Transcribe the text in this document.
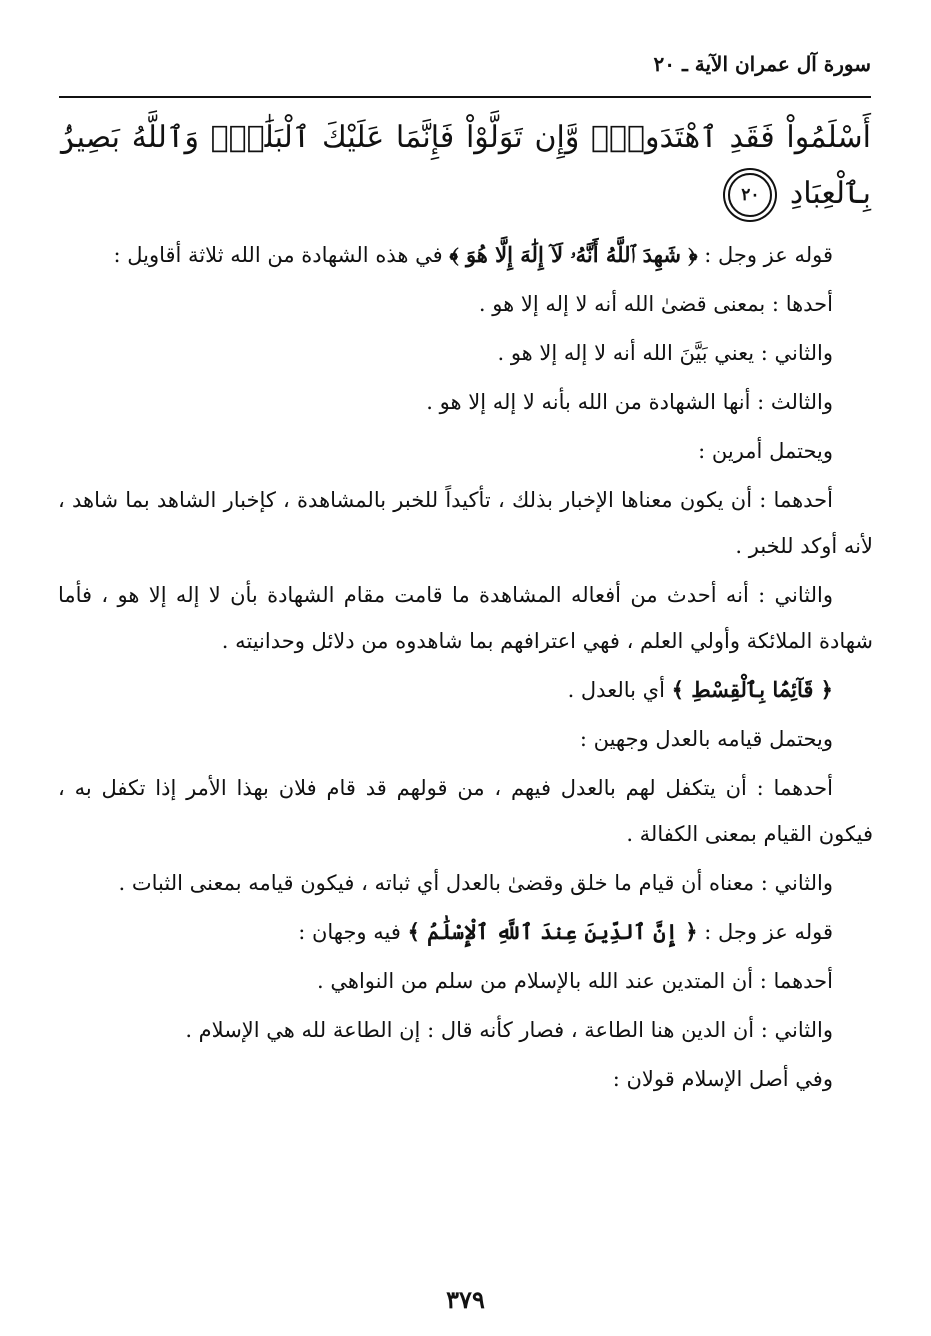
سورة آل عمران الآية ـ ٢٠
أَسْلَمُواْ فَقَدِ ٱهْتَدَواْۖ وَّإِن تَوَلَّوْاْ فَإِنَّمَا عَلَيْكَ ٱلْبَلَٰغُۗ وَٱللَّهُ بَصِيرُۢ بِٱلْعِبَادِ
٢٠

قوله عز وجل : ﴿ شَهِدَ ٱللَّهُ أَنَّهُۥ لَآ إِلَٰهَ إِلَّا هُوَ ﴾ في هذه الشهادة من الله ثلاثة أقاويل :

أحدها : بمعنى قضىٰ الله أنه لا إله إلا هو .

والثاني : يعني بَيَّنَ الله أنه لا إله إلا هو .

والثالث : أنها الشهادة من الله بأنه لا إله إلا هو .

ويحتمل أمرين :

أحدهما : أن يكون معناها الإخبار بذلك ، تأكيداً للخبر بالمشاهدة ، كإخبار الشاهد بما شاهد ، لأنه أوكد للخبر .

والثاني : أنه أحدث من أفعاله المشاهدة ما قامت مقام الشهادة بأن لا إله إلا هو ، فأما شهادة الملائكة وأولي العلم ، فهي اعترافهم بما شاهدوه من دلائل وحدانيته .

﴿ قَآئِمَۢا بِٱلْقِسْطِ ﴾ أي بالعدل .

ويحتمل قيامه بالعدل وجهين :

أحدهما : أن يتكفل لهم بالعدل فيهم ، من قولهم قد قام فلان بهذا الأمر إذا تكفل به ، فيكون القيام بمعنى الكفالة .

والثاني : معناه أن قيام ما خلق وقضىٰ بالعدل أي ثباته ، فيكون قيامه بمعنى الثبات .

قوله عز وجل : ﴿ إِنَّ ٱلدِّينَ عِندَ ٱللَّهِ ٱلْإِسْلَٰمُ ﴾ فيه وجهان :

أحدهما : أن المتدين عند الله بالإسلام من سلم من النواهي .

والثاني : أن الدين هنا الطاعة ، فصار كأنه قال : إن الطاعة لله هي الإسلام .

وفي أصل الإسلام قولان :

٣٧٩
